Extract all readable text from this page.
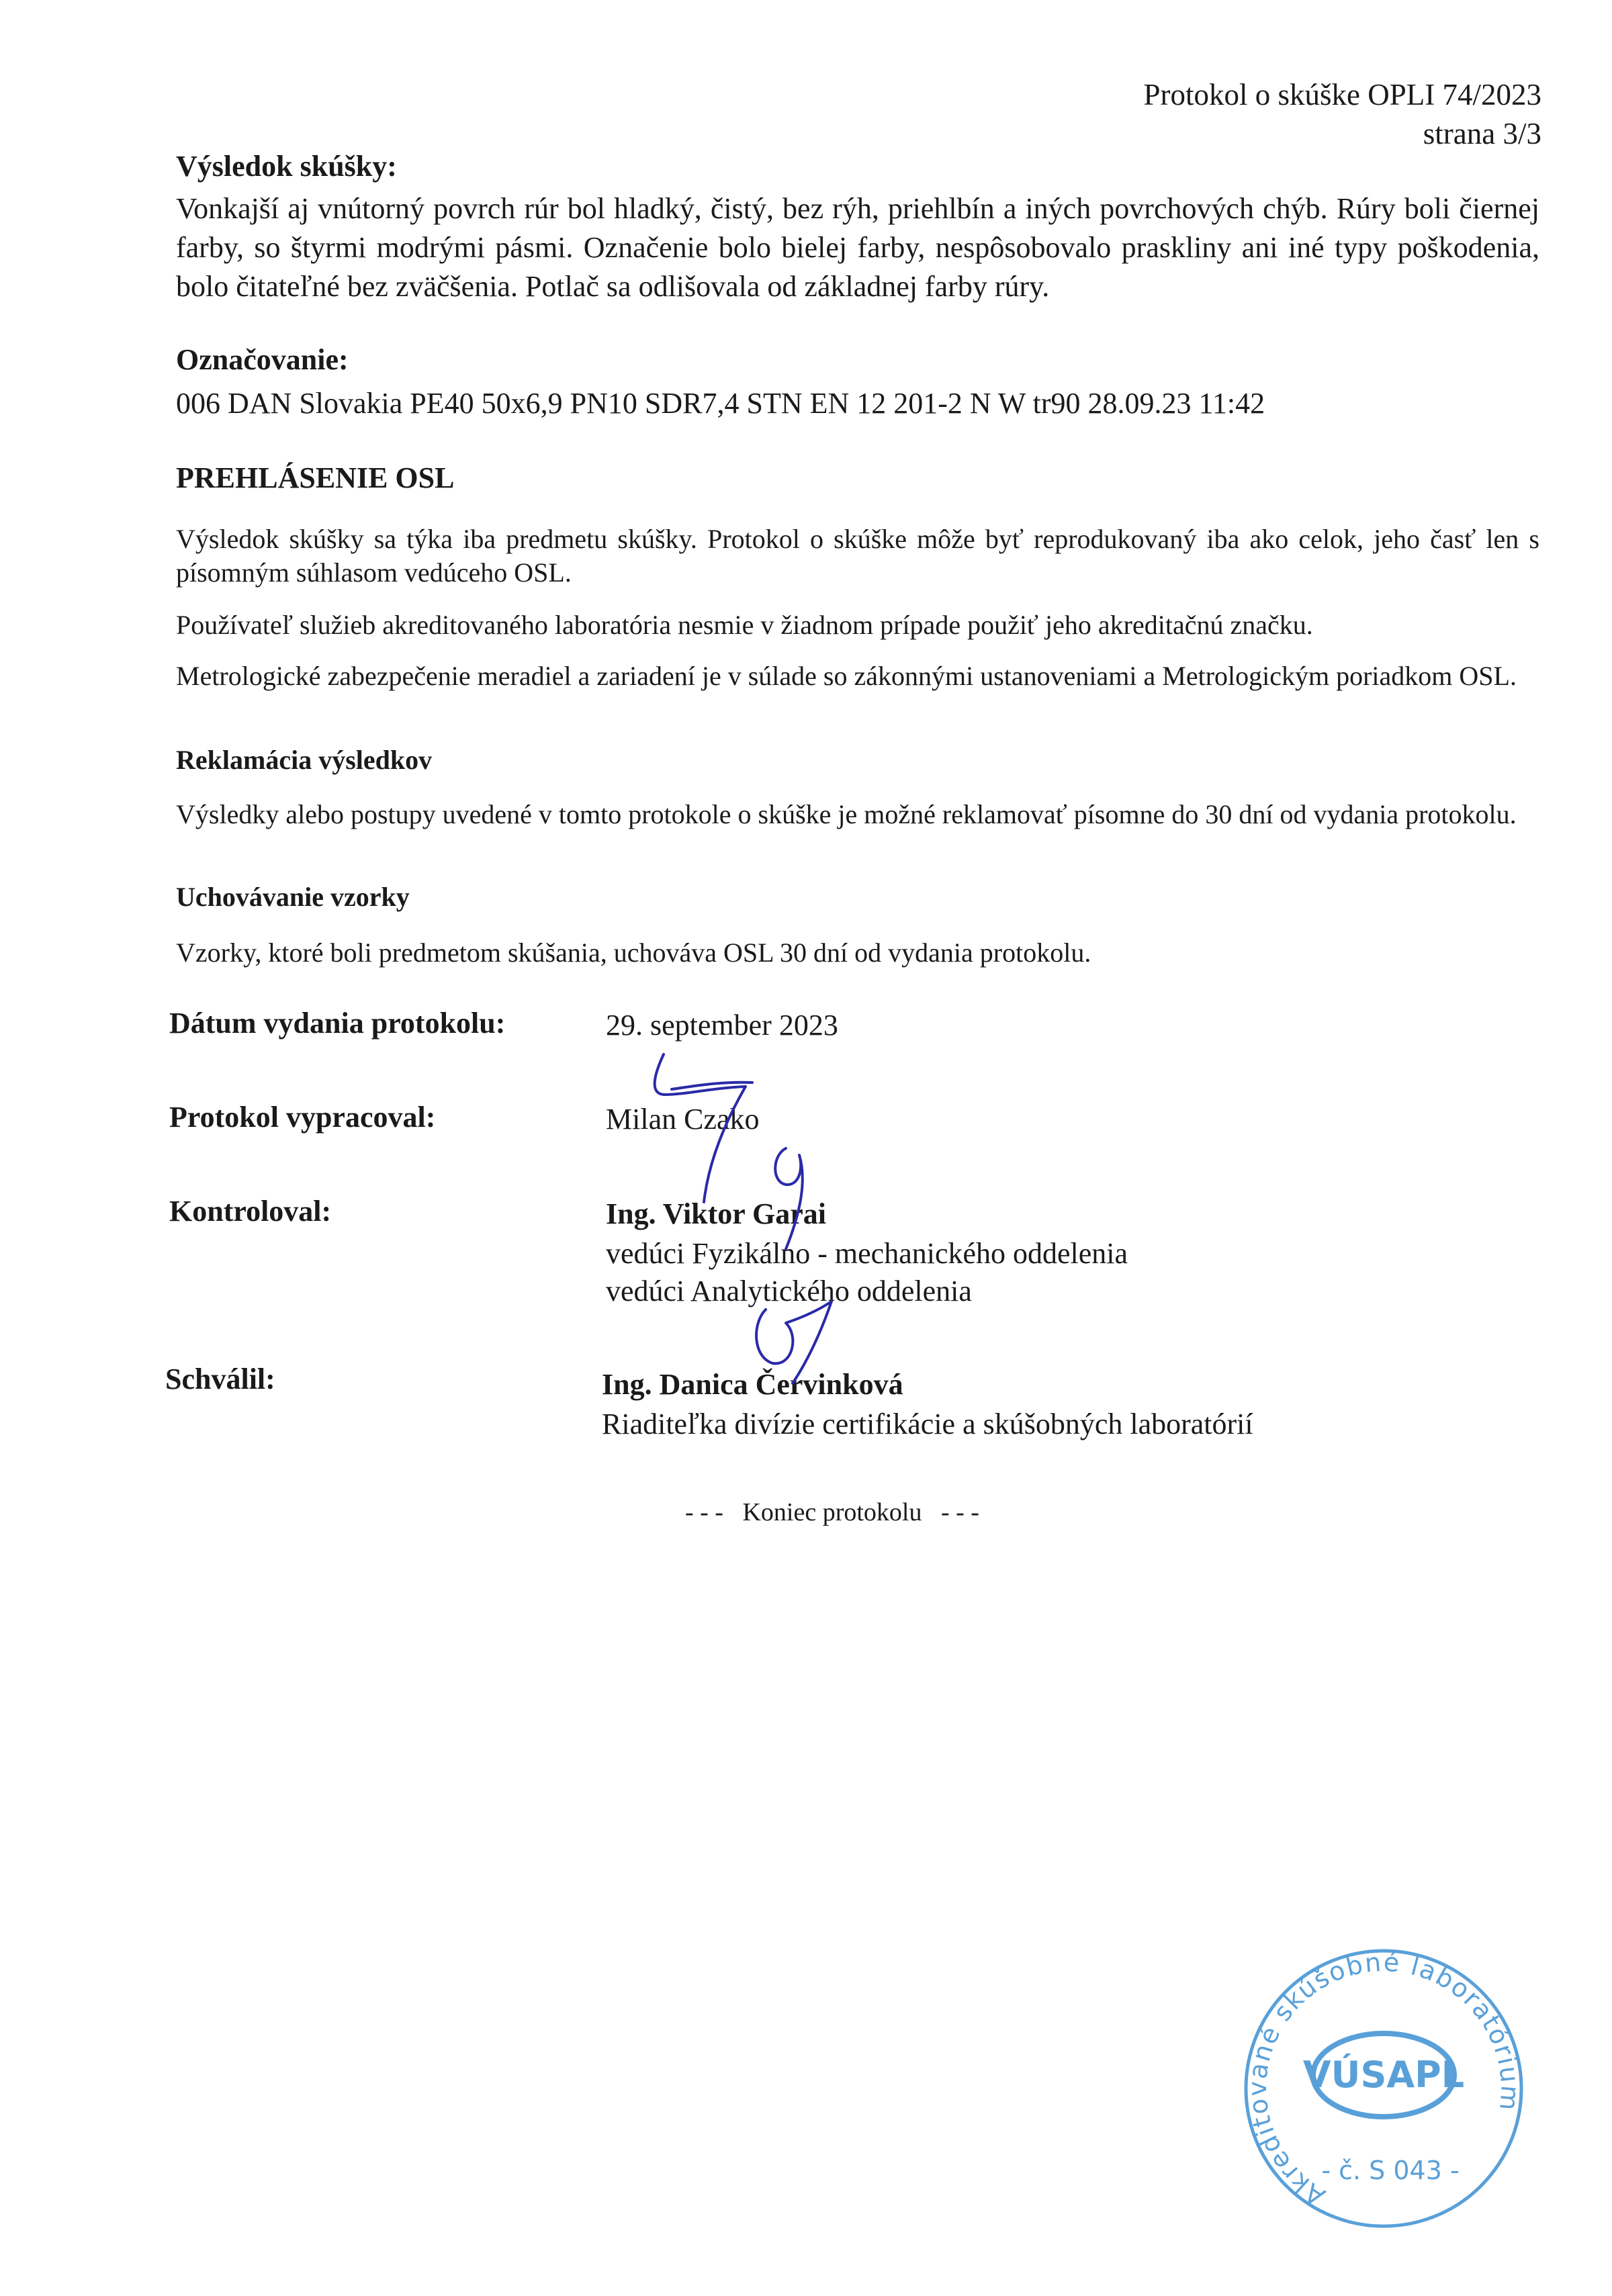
Protokol o skúške OPLI 74/2023
strana 3/3
Výsledok skúšky:
Vonkajší aj vnútorný povrch rúr bol hladký, čistý, bez rýh, priehlbín a iných povrchových chýb. Rúry boli čiernej farby, so štyrmi modrými pásmi. Označenie bolo bielej farby, nespôsobovalo praskliny ani iné typy poškodenia, bolo čitateľné bez zväčšenia. Potlač sa odlišovala od základnej farby rúry.
Označovanie:
006 DAN Slovakia PE40 50x6,9 PN10 SDR7,4 STN EN 12 201-2 N W tr90 28.09.23 11:42
PREHLÁSENIE OSL
Výsledok skúšky sa týka iba predmetu skúšky. Protokol o skúške môže byť reprodukovaný iba ako celok, jeho časť len s písomným súhlasom vedúceho OSL.
Používateľ služieb akreditovaného laboratória nesmie v žiadnom prípade použiť jeho akreditačnú značku.
Metrologické zabezpečenie meradiel a zariadení je v súlade so zákonnými ustanoveniami a Metrologickým poriadkom OSL.
Reklamácia výsledkov
Výsledky alebo postupy uvedené v tomto protokole o skúške je možné reklamovať písomne do 30 dní od vydania protokolu.
Uchovávanie vzorky
Vzorky, ktoré boli predmetom skúšania, uchováva OSL 30 dní od vydania protokolu.
Dátum vydania protokolu:	29. september 2023
Protokol vypracoval:	Milan Czako
Kontroloval:	Ing. Viktor Garai
vedúci Fyzikálno - mechanického oddelenia
vedúci Analytického oddelenia
Schválil:	Ing. Danica Červinková
Riaditeľka divízie certifikácie a skúšobných laboratórií
- - -   Koniec protokolu   - - -
Akreditované skúšobné laboratórium
VÚSAPL
- č. S 043 -
